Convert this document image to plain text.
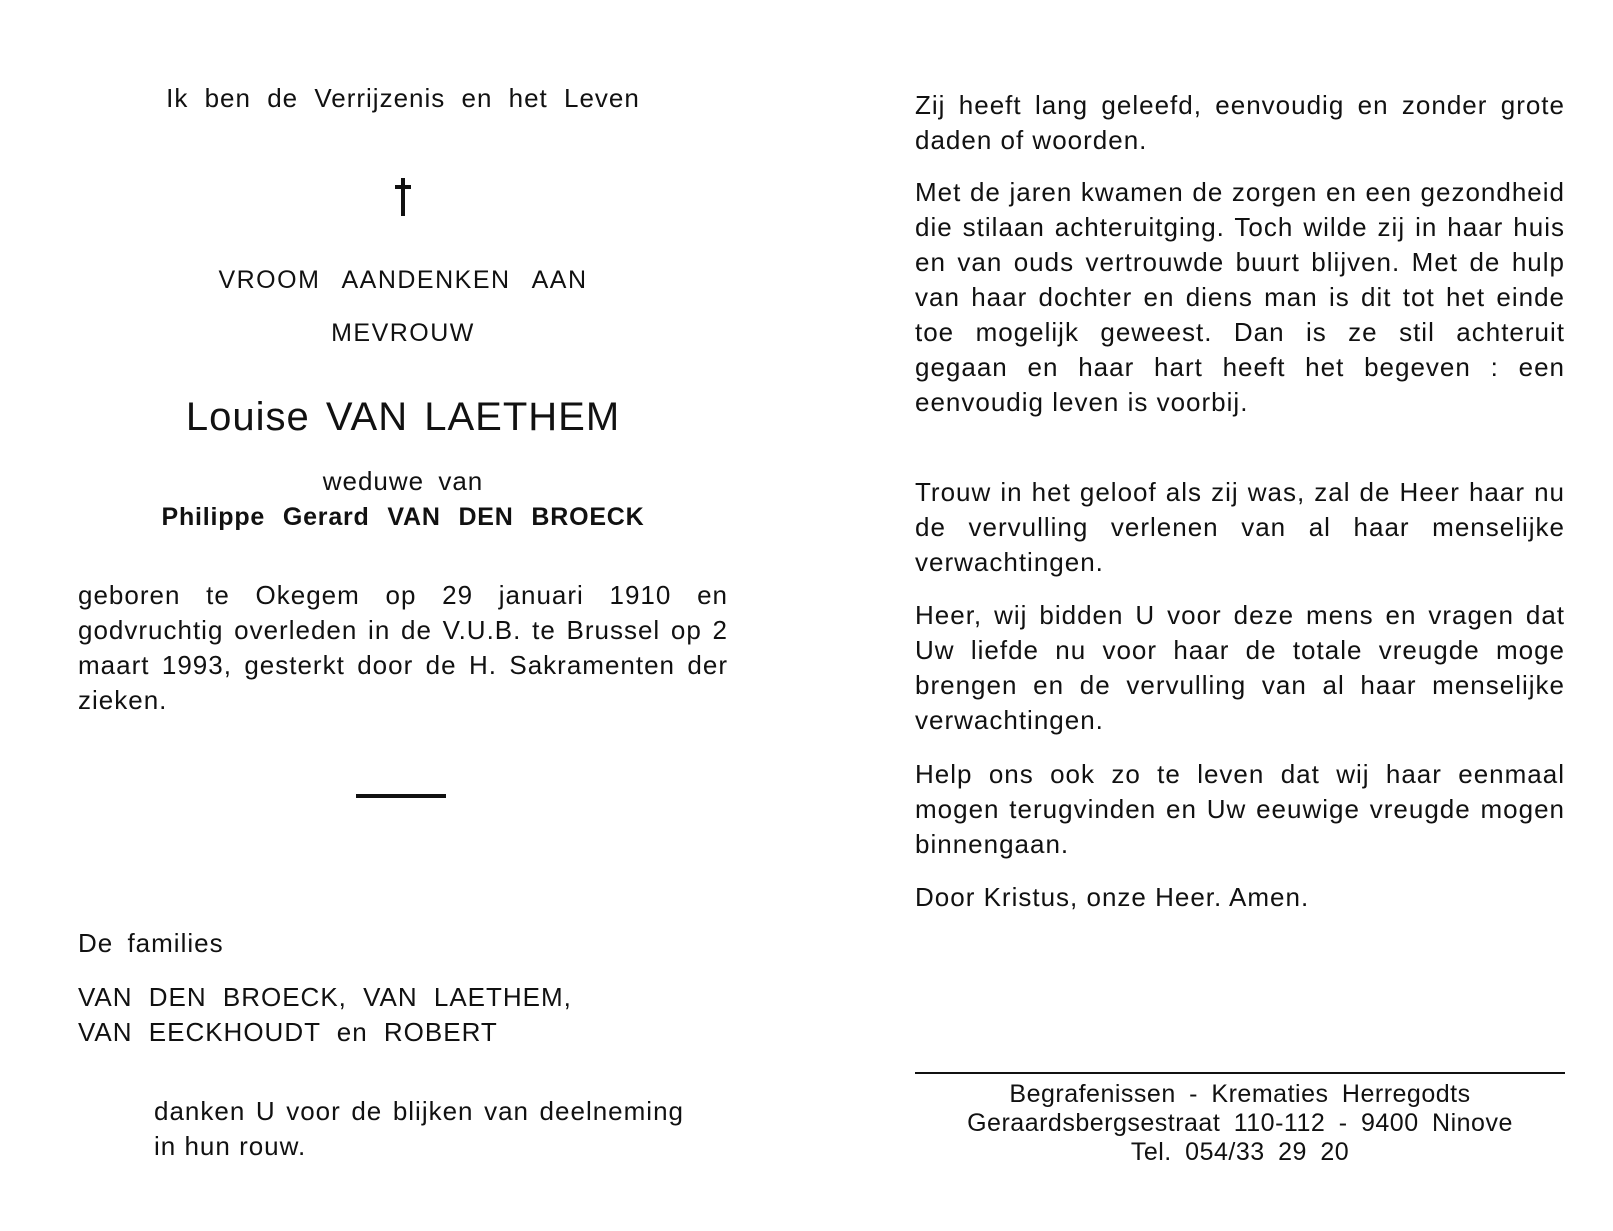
Ik ben de Verrijzenis en het Leven
VROOM AANDENKEN AAN
MEVROUW
Louise VAN LAETHEM
weduwe van
Philippe Gerard VAN DEN BROECK
geboren te Okegem op 29 januari 1910 en godvruchtig overleden in de V.U.B. te Brussel op 2 maart 1993, gesterkt door de H. Sakramenten der zieken.
De families
VAN DEN BROECK, VAN LAETHEM,
VAN EECKHOUDT en ROBERT
danken U voor de blijken van deelneming in hun rouw.
Zij heeft lang geleefd, eenvoudig en zonder grote daden of woorden.
Met de jaren kwamen de zorgen en een gezondheid die stilaan achteruitging. Toch wilde zij in haar huis en van ouds vertrouwde buurt blijven. Met de hulp van haar dochter en diens man is dit tot het einde toe mogelijk geweest. Dan is ze stil achteruit gegaan en haar hart heeft het begeven : een eenvoudig leven is voorbij.
Trouw in het geloof als zij was, zal de Heer haar nu de vervulling verlenen van al haar menselijke verwachtingen.
Heer, wij bidden U voor deze mens en vragen dat Uw liefde nu voor haar de totale vreugde moge brengen en de vervulling van al haar menselijke verwachtingen.
Help ons ook zo te leven dat wij haar eenmaal mogen terugvinden en Uw eeuwige vreugde mogen binnengaan.
Door Kristus, onze Heer. Amen.
Begrafenissen - Krematies Herregodts
Geraardsbergsestraat 110-112 - 9400 Ninove
Tel. 054/33 29 20
